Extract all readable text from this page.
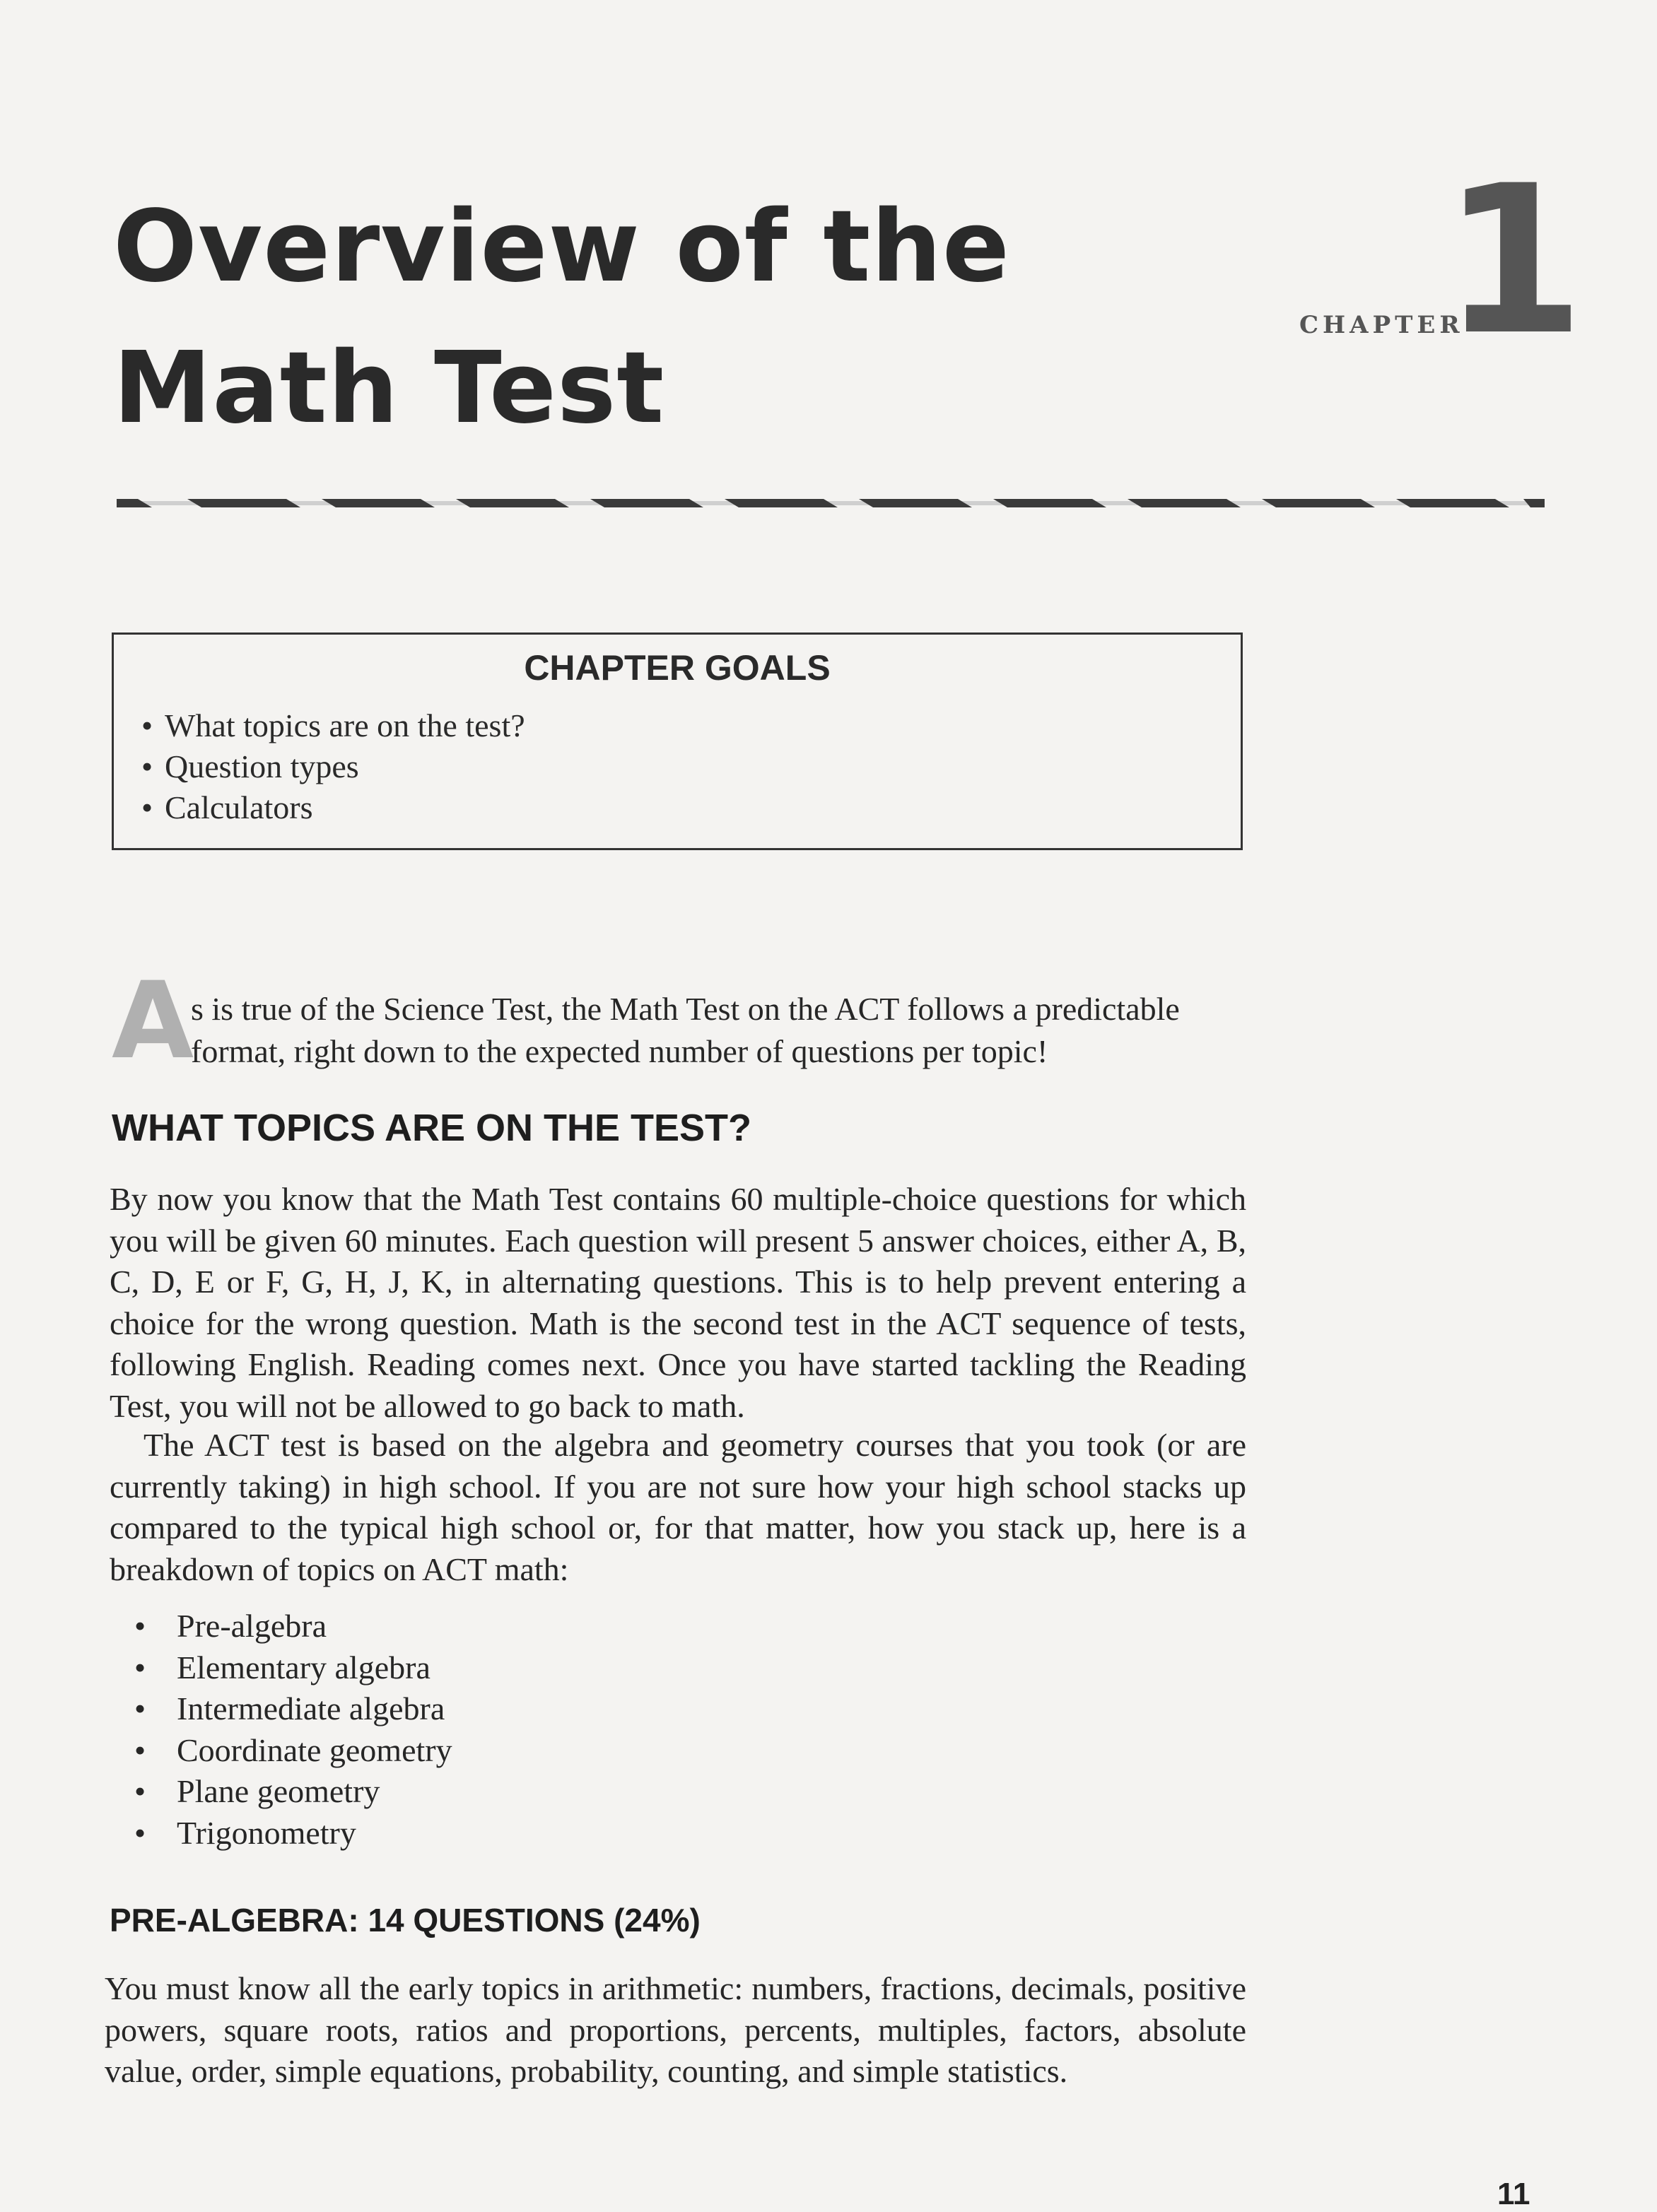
Overview of the
Math Test
CHAPTER
1
CHAPTER GOALS
• What topics are on the test?
• Question types
• Calculators
A

s is true of the Science Test, the Math Test on the ACT follows a predictable format, right down to the expected number of questions per topic!

WHAT TOPICS ARE ON THE TEST?

By now you know that the Math Test contains 60 multiple-choice questions for which you will be given 60 minutes. Each question will present 5 answer choices, either A, B, C, D, E or F, G, H, J, K, in alternating questions. This is to help prevent entering a choice for the wrong question. Math is the second test in the ACT sequence of tests, following English. Reading comes next. Once you have started tackling the Reading Test, you will not be allowed to go back to math.

The ACT test is based on the algebra and geometry courses that you took (or are currently taking) in high school. If you are not sure how your high school stacks up compared to the typical high school or, for that matter, how you stack up, here is a breakdown of topics on ACT math:

• Pre-algebra
• Elementary algebra
• Intermediate algebra
• Coordinate geometry
• Plane geometry
• Trigonometry
PRE-ALGEBRA: 14 QUESTIONS (24%)

You must know all the early topics in arithmetic: numbers, fractions, decimals, positive powers, square roots, ratios and proportions, percents, multiples, factors, absolute value, order, simple equations, probability, counting, and simple statistics.

11
